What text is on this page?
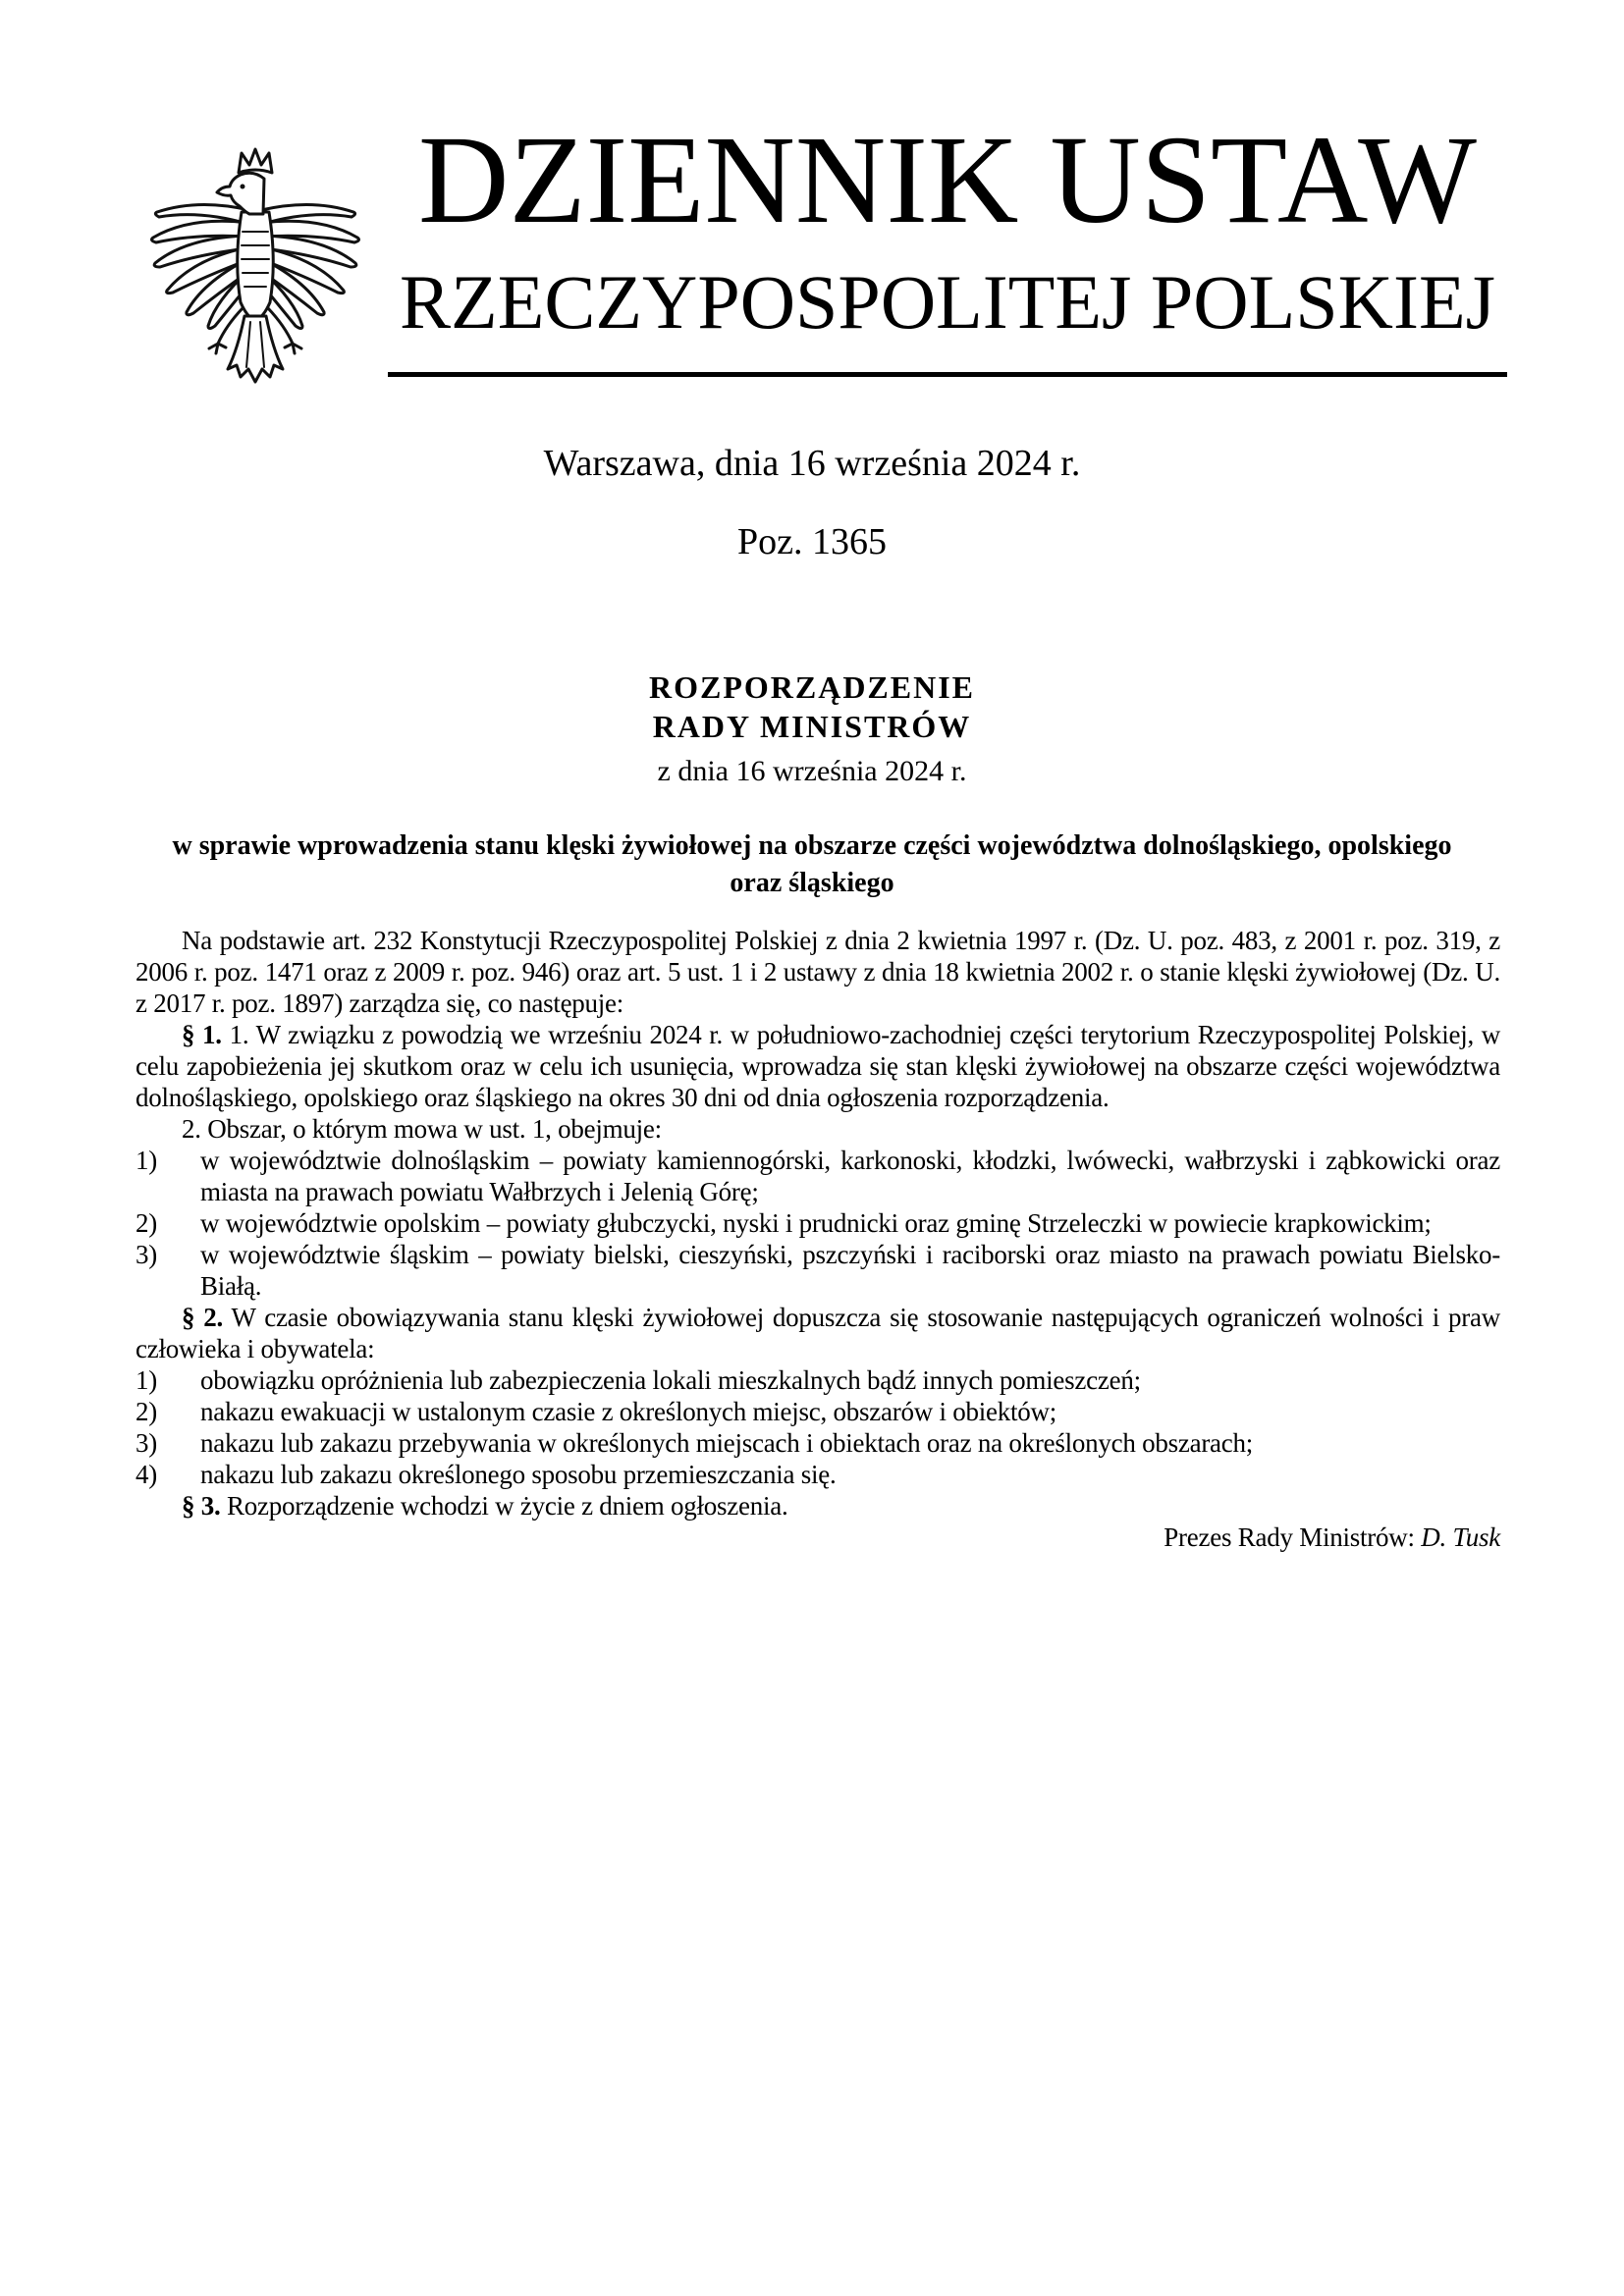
DZIENNIK USTAW
RZECZYPOSPOLITEJ POLSKIEJ
Warszawa, dnia 16 września 2024 r.
Poz. 1365
ROZPORZĄDZENIE
RADY MINISTRÓW
z dnia 16 września 2024 r.
w sprawie wprowadzenia stanu klęski żywiołowej na obszarze części województwa dolnośląskiego, opolskiego oraz śląskiego

Na podstawie art. 232 Konstytucji Rzeczypospolitej Polskiej z dnia 2 kwietnia 1997 r. (Dz. U. poz. 483, z 2001 r. poz. 319, z 2006 r. poz. 1471 oraz z 2009 r. poz. 946) oraz art. 5 ust. 1 i 2 ustawy z dnia 18 kwietnia 2002 r. o stanie klęski żywiołowej (Dz. U. z 2017 r. poz. 1897) zarządza się, co następuje:

§ 1. 1. W związku z powodzią we wrześniu 2024 r. w południowo-zachodniej części terytorium Rzeczypospolitej Polskiej, w celu zapobieżenia jej skutkom oraz w celu ich usunięcia, wprowadza się stan klęski żywiołowej na obszarze części województwa dolnośląskiego, opolskiego oraz śląskiego na okres 30 dni od dnia ogłoszenia rozporządzenia.

2. Obszar, o którym mowa w ust. 1, obejmuje:

1) w województwie dolnośląskim – powiaty kamiennogórski, karkonoski, kłodzki, lwówecki, wałbrzyski i ząbkowicki oraz miasta na prawach powiatu Wałbrzych i Jelenią Górę;

2) w województwie opolskim – powiaty głubczycki, nyski i prudnicki oraz gminę Strzeleczki w powiecie krapkowickim;

3) w województwie śląskim – powiaty bielski, cieszyński, pszczyński i raciborski oraz miasto na prawach powiatu Bielsko-Białą.

§ 2. W czasie obowiązywania stanu klęski żywiołowej dopuszcza się stosowanie następujących ograniczeń wolności i praw człowieka i obywatela:

1) obowiązku opróżnienia lub zabezpieczenia lokali mieszkalnych bądź innych pomieszczeń;

2) nakazu ewakuacji w ustalonym czasie z określonych miejsc, obszarów i obiektów;

3) nakazu lub zakazu przebywania w określonych miejscach i obiektach oraz na określonych obszarach;

4) nakazu lub zakazu określonego sposobu przemieszczania się.

§ 3. Rozporządzenie wchodzi w życie z dniem ogłoszenia.

Prezes Rady Ministrów: D. Tusk
